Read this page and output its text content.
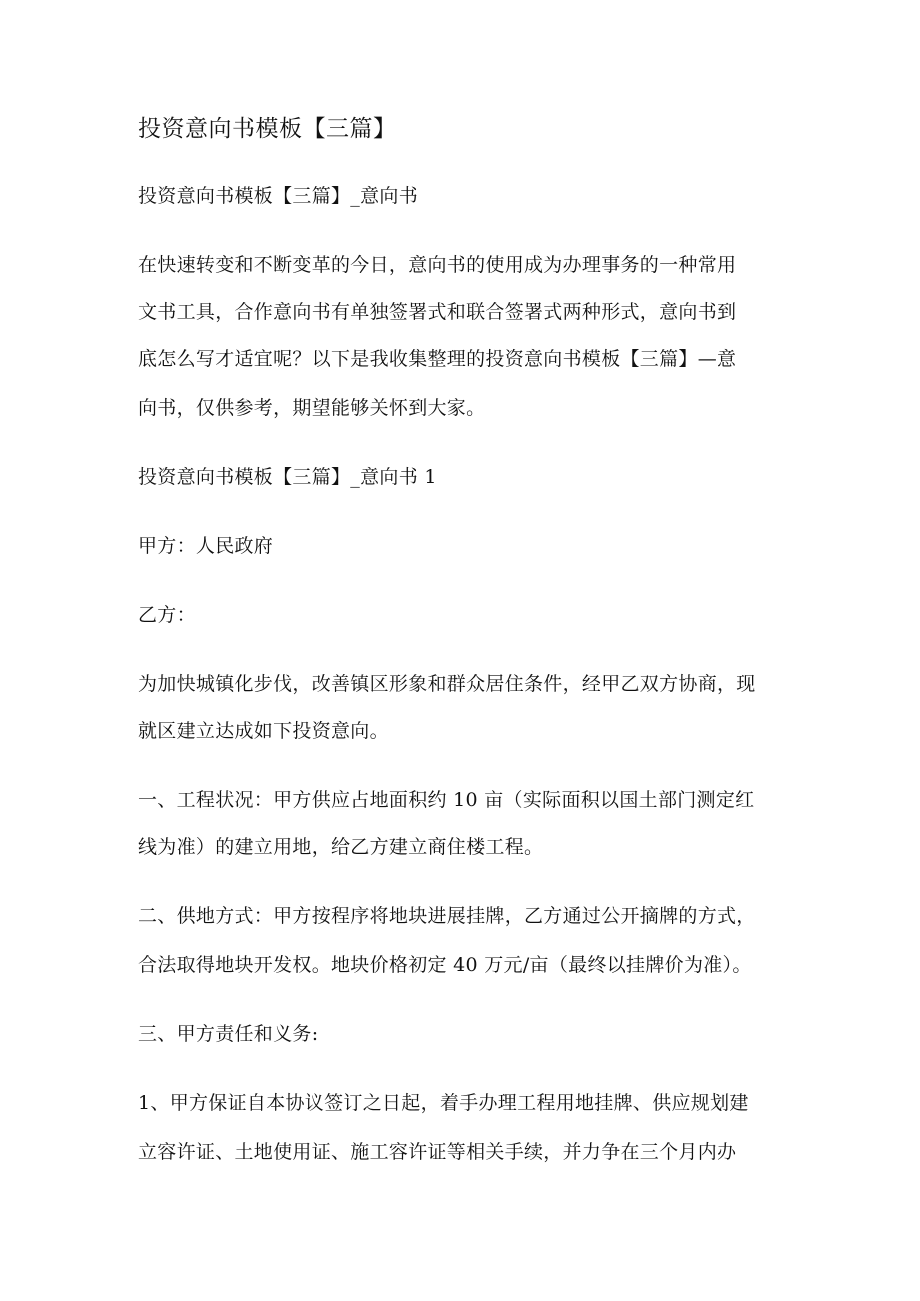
投资意向书模板【三篇】
投资意向书模板【三篇】_意向书
在快速转变和不断变革的今日，意向书的使用成为办理事务的一种常用
文书工具，合作意向书有单独签署式和联合签署式两种形式，意向书到
底怎么写才适宜呢？以下是我收集整理的投资意向书模板【三篇】—意
向书，仅供参考，期望能够关怀到大家。
投资意向书模板【三篇】_意向书 1
甲方：人民政府
乙方：
为加快城镇化步伐，改善镇区形象和群众居住条件，经甲乙双方协商，现
就区建立达成如下投资意向。
一、工程状况：甲方供应占地面积约 10 亩（实际面积以国土部门测定红
线为准）的建立用地，给乙方建立商住楼工程。
二、供地方式：甲方按程序将地块进展挂牌，乙方通过公开摘牌的方式，
合法取得地块开发权。地块价格初定 40 万元/亩（最终以挂牌价为准）。
三、甲方责任和义务:
1、甲方保证自本协议签订之日起，着手办理工程用地挂牌、供应规划建
立容许证、土地使用证、施工容许证等相关手续，并力争在三个月内办
